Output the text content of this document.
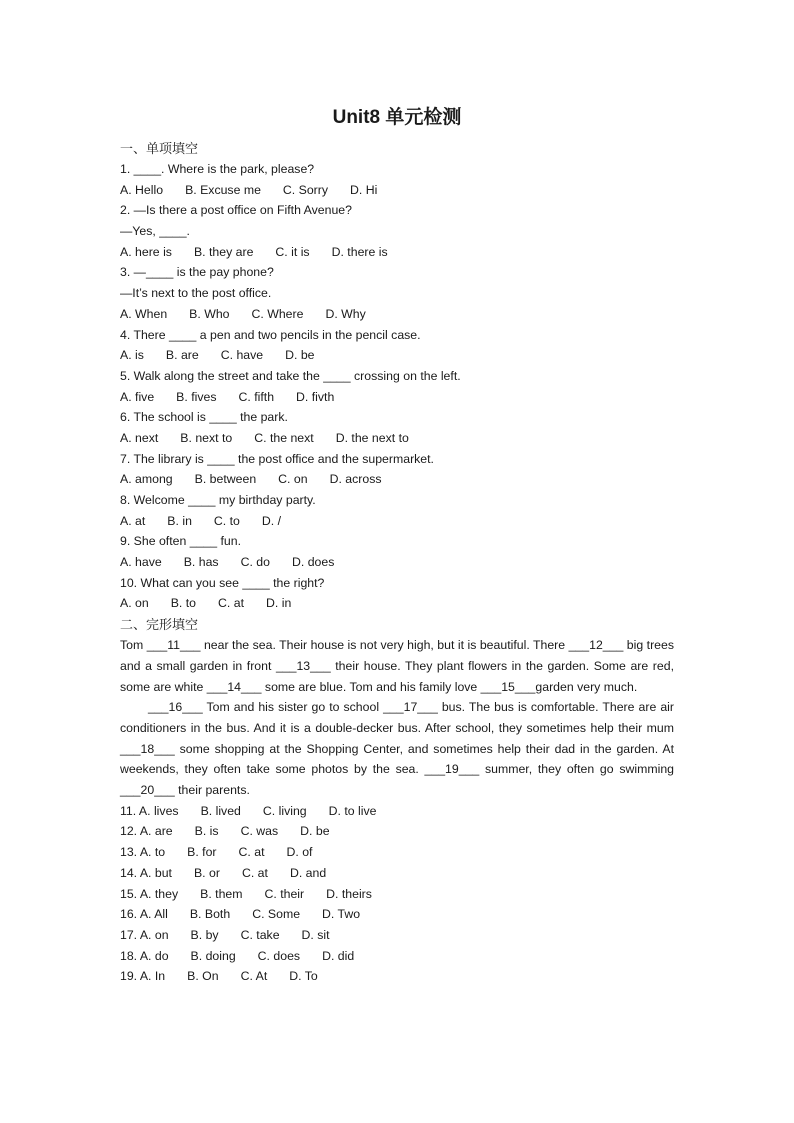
Unit8 单元检测
一、单项填空
1. ____. Where is the park, please?
A. Hello B. Excuse me C. Sorry D. Hi
2. —Is there a post office on Fifth Avenue?
—Yes, ____.
A. here is B. they are C. it is D. there is
3. —____ is the pay phone?
—It’s next to the post office.
A. When B. Who C. Where D. Why
4. There ____ a pen and two pencils in the pencil case.
A. is B. are C. have D. be
5. Walk along the street and take the ____ crossing on the left.
A. five B. fives C. fifth D. fivth
6. The school is ____ the park.
A. next B. next to C. the next D. the next to
7. The library is ____ the post office and the supermarket.
A. among B. between C. on D. across
8. Welcome ____ my birthday party.
A. at B. in C. to D. /
9. She often ____ fun.
A. have B. has C. do D. does
10. What can you see ____ the right?
A. on B. to C. at D. in
二、完形填空
Tom ___11___ near the sea. Their house is not very high, but it is beautiful. There ___12___ big trees and a small garden in front ___13___ their house. They plant flowers in the garden. Some are red, some are white ___14___ some are blue. Tom and his family love ___15___garden very much.
___16___ Tom and his sister go to school ___17___ bus. The bus is comfortable. There are air conditioners in the bus. And it is a double-decker bus. After school, they sometimes help their mum ___18___ some shopping at the Shopping Center, and sometimes help their dad in the garden. At weekends, they often take some photos by the sea. ___19___ summer, they often go swimming ___20___ their parents.
11. A. lives B. lived C. living D. to live
12. A. are B. is C. was D. be
13. A. to B. for C. at D. of
14. A. but B. or C. at D. and
15. A. they B. them C. their D. theirs
16. A. All B. Both C. Some D. Two
17. A. on B. by C. take D. sit
18. A. do B. doing C. does D. did
19. A. In B. On C. At D. To
